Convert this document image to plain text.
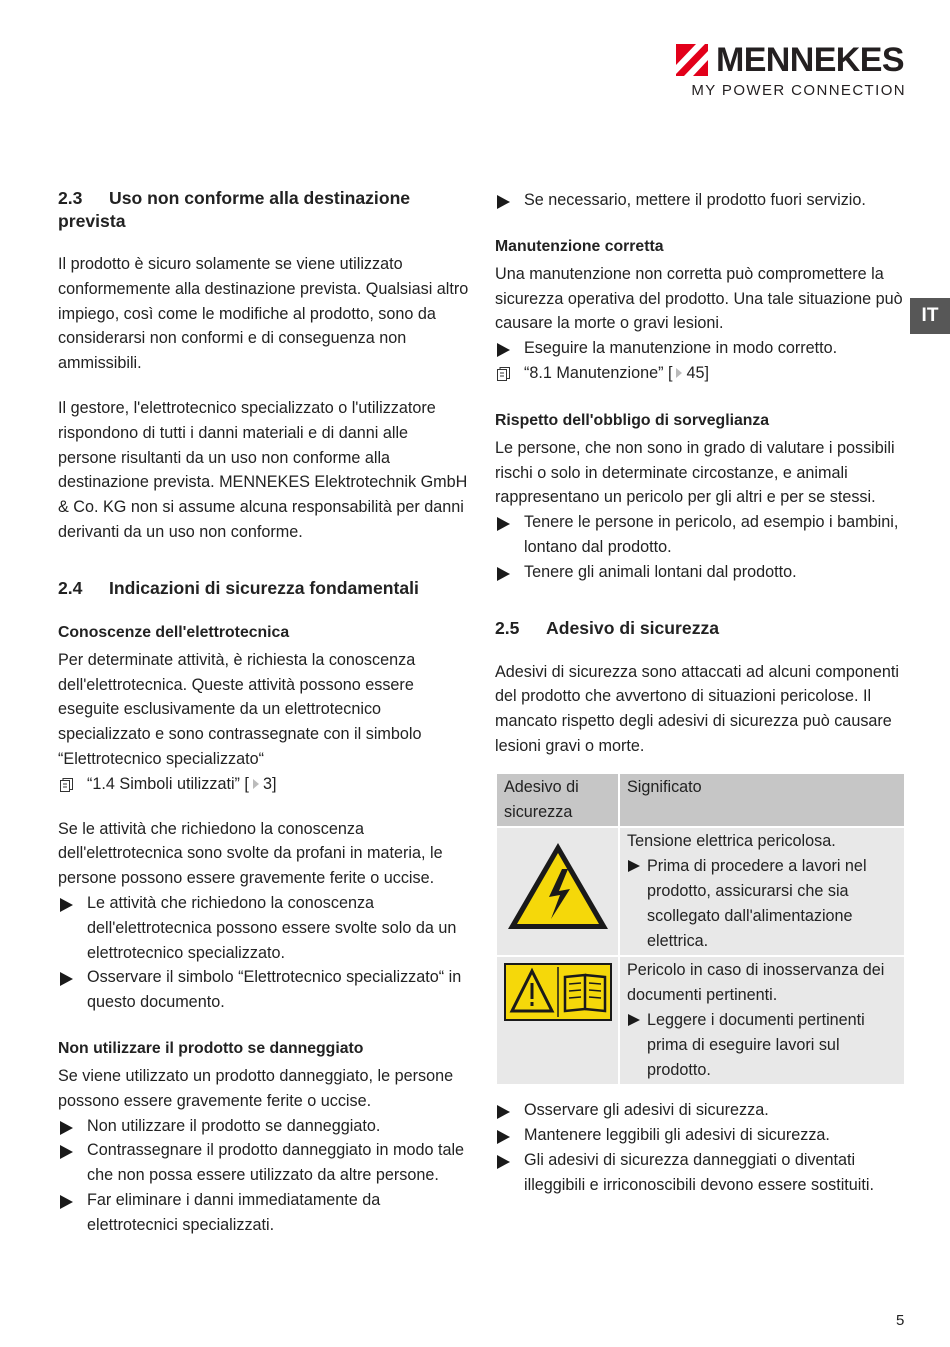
MENNEKES
MY POWER CONNECTION
IT
2.3 Uso non conforme alla destinazione prevista

Il prodotto è sicuro solamente se viene utilizzato conformemente alla destinazione prevista. Qualsiasi altro impiego, così come le modifiche al prodotto, sono da considerarsi non conformi e di conseguenza non ammissibili.

Il gestore, l'elettrotecnico specializzato o l'utilizzatore rispondono di tutti i danni materiali e di danni alle persone risultanti da un uso non conforme alla destinazione prevista. MENNEKES Elektrotechnik GmbH & Co. KG non si assume alcuna responsabilità per danni derivanti da un uso non conforme.

2.4 Indicazioni di sicurezza fondamentali
Conoscenze dell'elettrotecnica

Per determinate attività, è richiesta la conoscenza dell'elettrotecnica. Queste attività possono essere eseguite esclusivamente da un elettrotecnico specializzato e sono contrassegnate con il simbolo “Elettrotecnico specializzato“

“1.4 Simboli utilizzati” [ 3]

Se le attività che richiedono la conoscenza dell'elettrotecnica sono svolte da profani in materia, le persone possono essere gravemente ferite o uccise.

Le attività che richiedono la conoscenza dell'elettrotecnica possono essere svolte solo da un elettrotecnico specializzato.
Osservare il simbolo “Elettrotecnico specializzato“ in questo documento.
Non utilizzare il prodotto se danneggiato

Se viene utilizzato un prodotto danneggiato, le persone possono essere gravemente ferite o uccise.

Non utilizzare il prodotto se danneggiato.
Contrassegnare il prodotto danneggiato in modo tale che non possa essere utilizzato da altre persone.
Far eliminare i danni immediatamente da elettrotecnici specializzati.
Se necessario, mettere il prodotto fuori servizio.
Manutenzione corretta

Una manutenzione non corretta può compromettere la sicurezza operativa del prodotto. Una tale situazione può causare la morte o gravi lesioni.

Eseguire la manutenzione in modo corretto.
“8.1 Manutenzione” [ 45]
Rispetto dell'obbligo di sorveglianza

Le persone, che non sono in grado di valutare i possibili rischi o solo in determinate circostanze, e animali rappresentano un pericolo per gli altri e per se stessi.

Tenere le persone in pericolo, ad esempio i bambini, lontano dal prodotto.
Tenere gli animali lontani dal prodotto.
2.5 Adesivo di sicurezza

Adesivi di sicurezza sono attaccati ad alcuni componenti del prodotto che avvertono di situazioni pericolose. Il mancato rispetto degli adesivi di sicurezza può causare lesioni gravi o morte.

Adesivo di sicurezza	Significato

Tensione elettrica pericolosa.
Prima di procedere a lavori nel prodotto, assicurarsi che sia scollegato dall'alimentazione elettrica.

Pericolo in caso di inosservanza dei documenti pertinenti.
Leggere i documenti pertinenti prima di eseguire lavori sul prodotto.
Osservare gli adesivi di sicurezza.
Mantenere leggibili gli adesivi di sicurezza.
Gli adesivi di sicurezza danneggiati o diventati illeggibili e irriconoscibili devono essere sostituiti.
5
